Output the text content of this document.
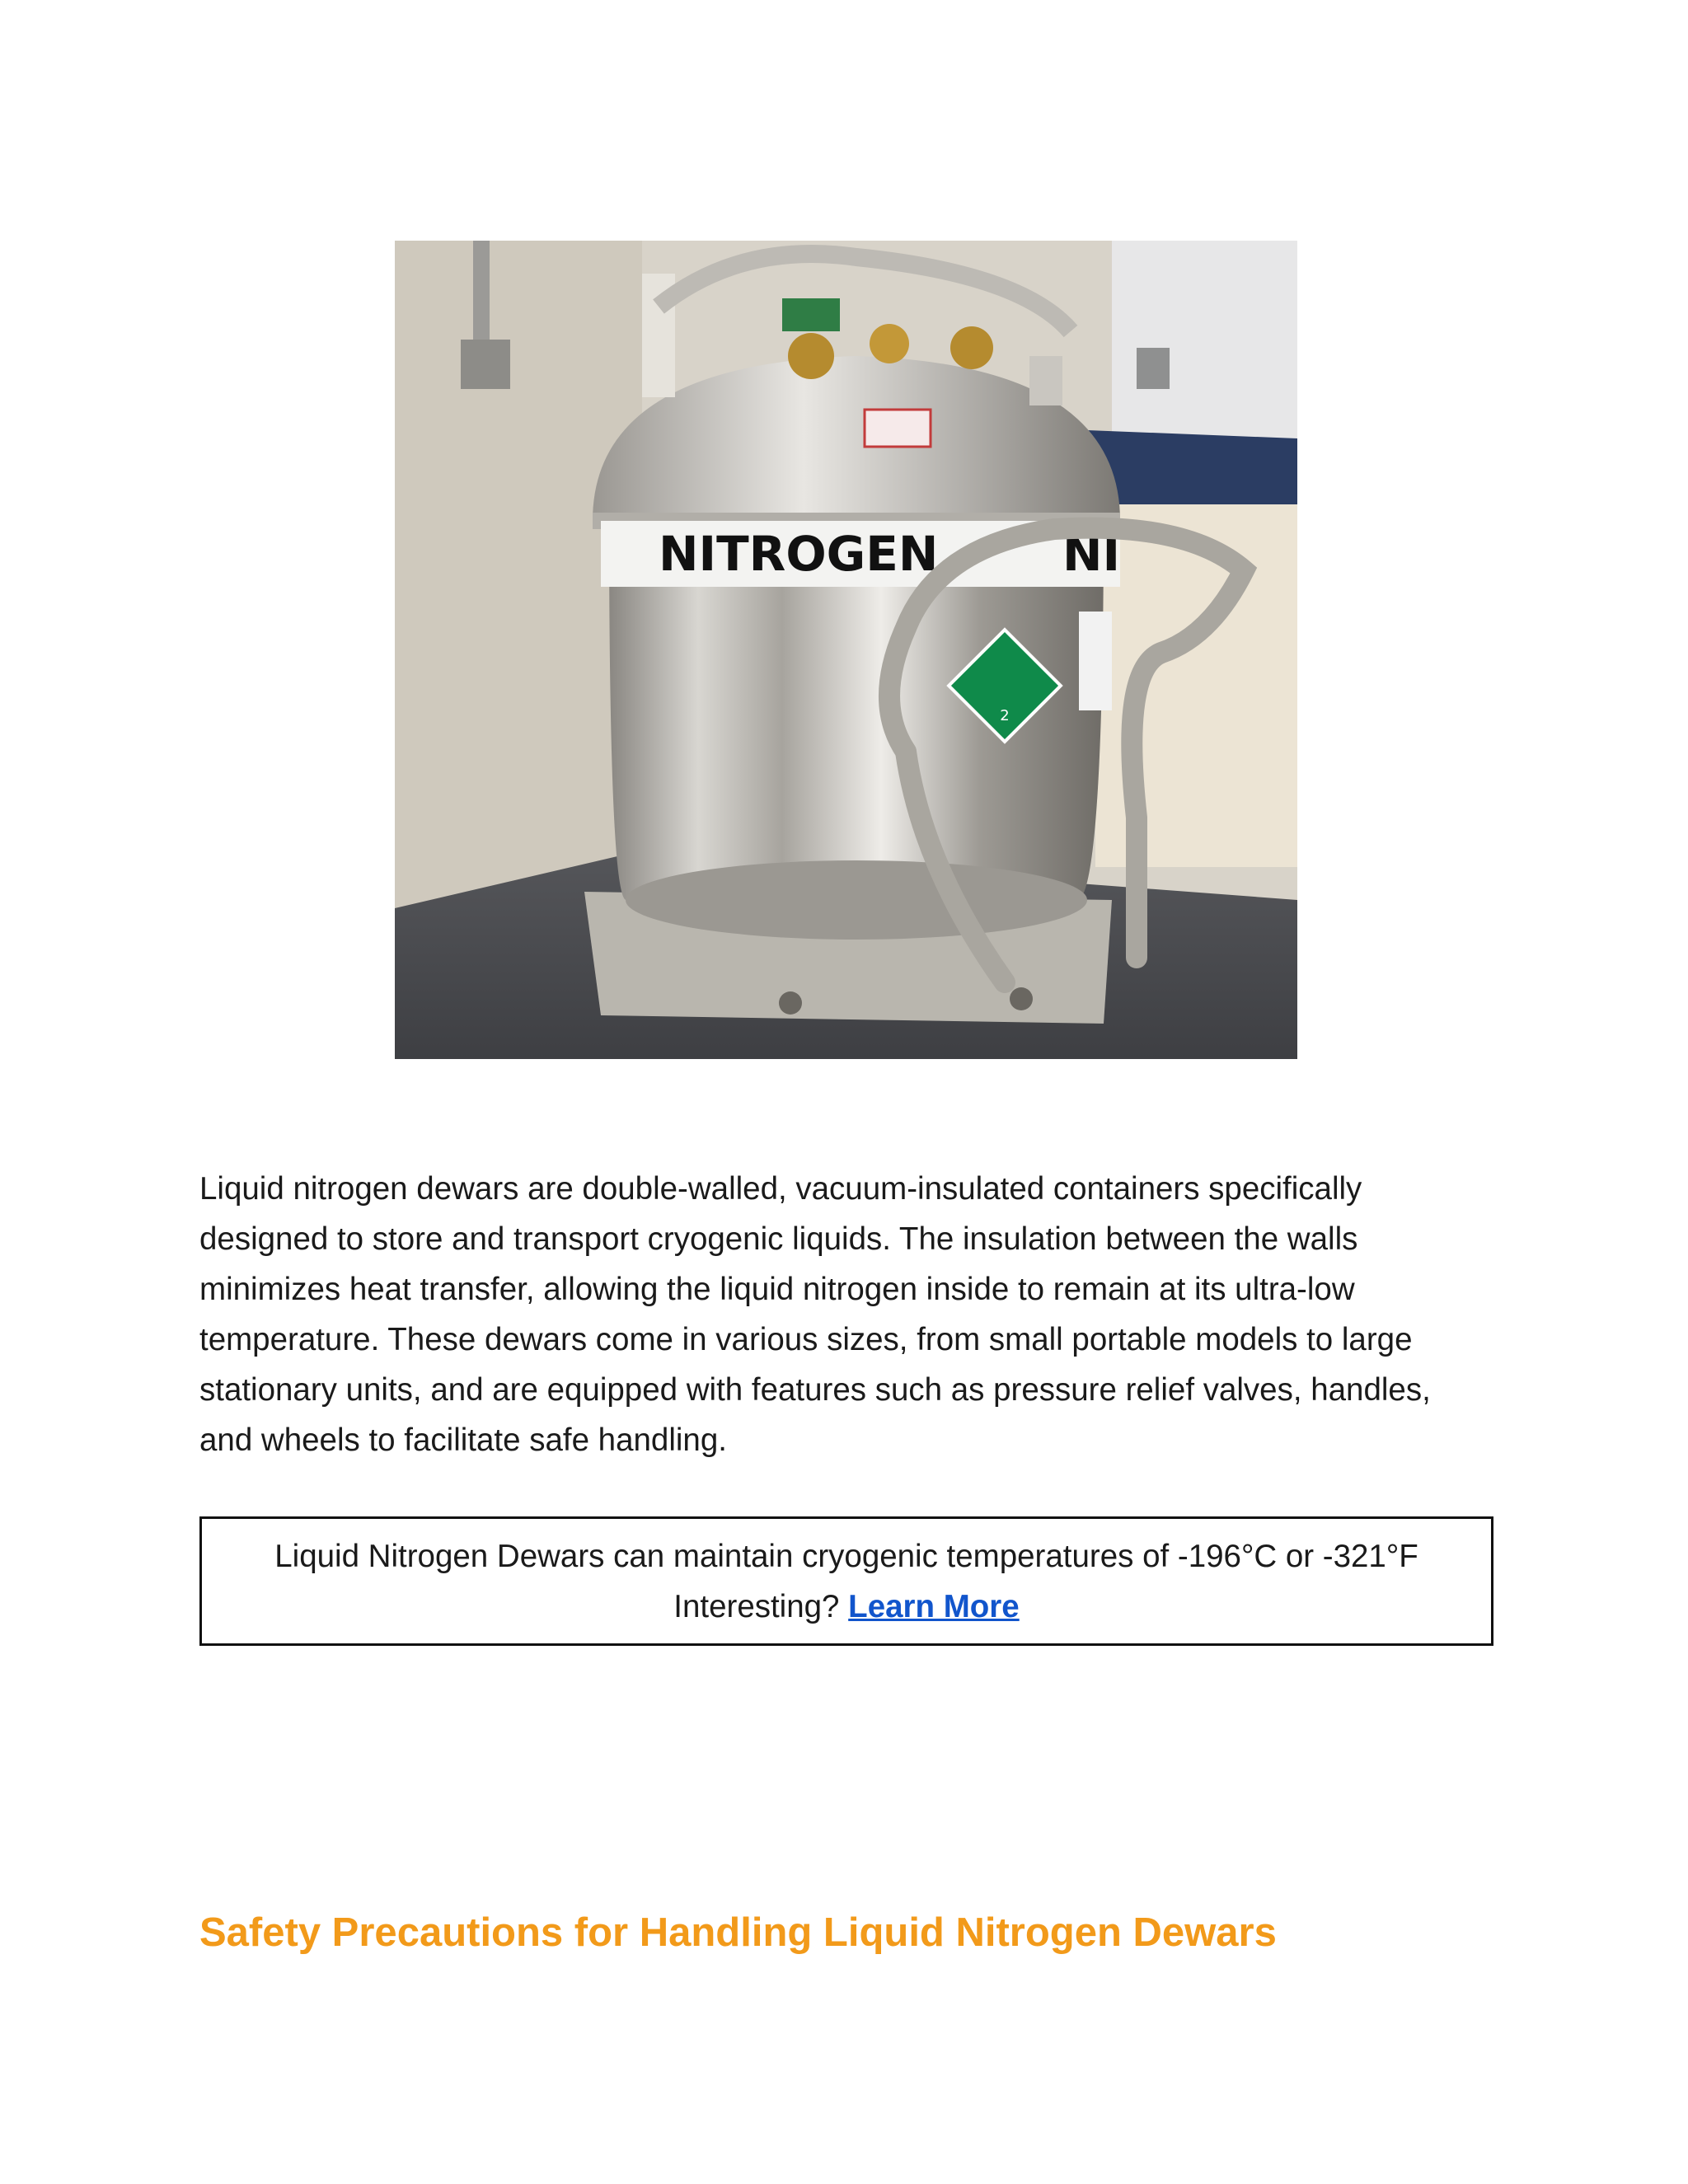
NITROGEN	NI
2

Liquid nitrogen dewars are double-walled, vacuum-insulated containers specifically designed to store and transport cryogenic liquids. The insulation between the walls minimizes heat transfer, allowing the liquid nitrogen inside to remain at its ultra-low temperature. These dewars come in various sizes, from small portable models to large stationary units, and are equipped with features such as pressure relief valves, handles, and wheels to facilitate safe handling.

Liquid Nitrogen Dewars can maintain cryogenic temperatures of -196°C or -321°F
Interesting? Learn More
Safety Precautions for Handling Liquid Nitrogen Dewars
